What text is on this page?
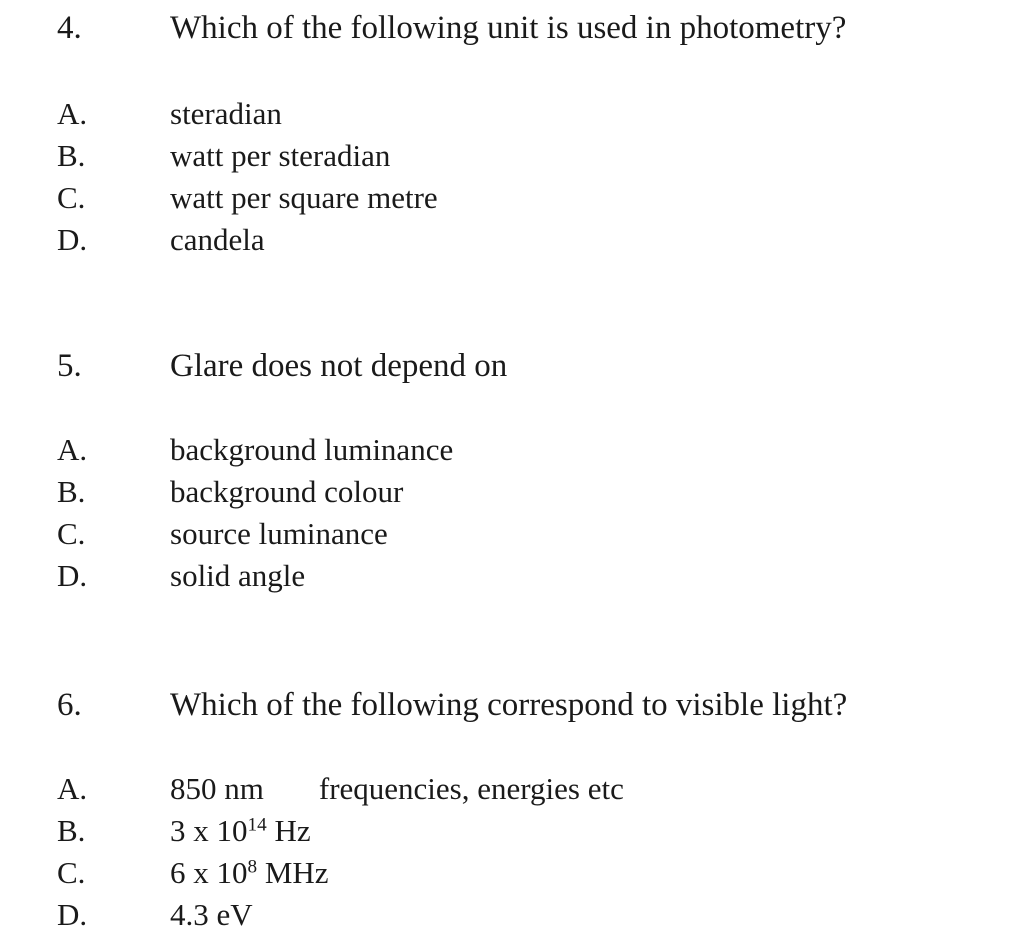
4.	Which of the following unit is used in photometry?
A.	steradian
B.	watt per steradian
C.	watt per square metre
D.	candela
5.	Glare does not depend on
A.	background luminance
B.	background colour
C.	source luminance
D.	solid angle
6.	Which of the following correspond to visible light?
A.	850 nm frequencies, energies etc
B.	3 x $10^{14}$ Hz
C.	6 x $10^8$ MHz
D.	4.3 eV
